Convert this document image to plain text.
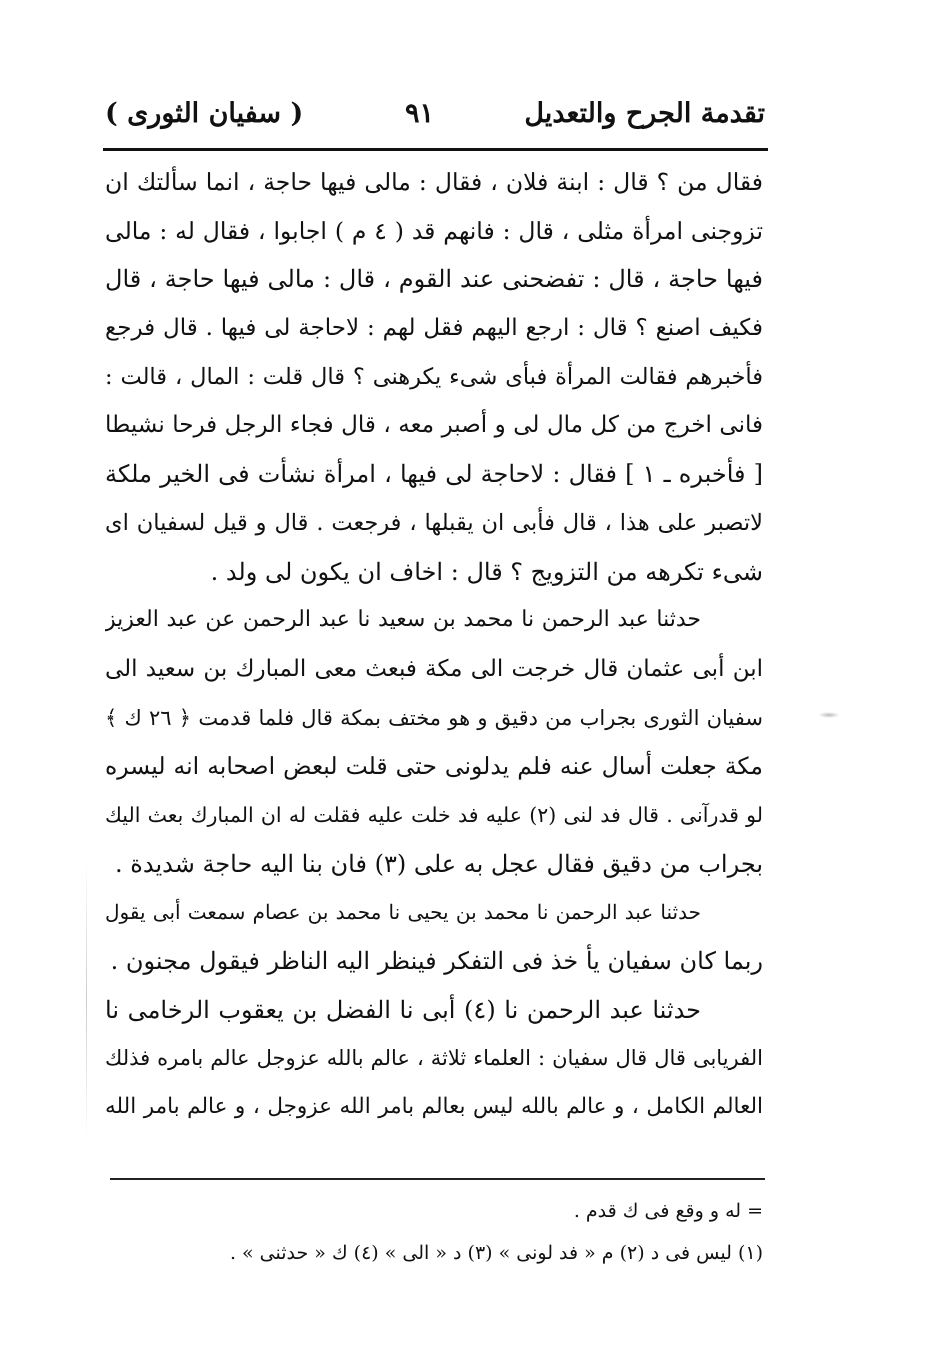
تقدمة الجرح والتعديل
٩١
( سفيان الثورى )
فقال من ؟ قال : ابنة فلان ، فقال : مالى فيها حاجة ، انما سألتك ان
تزوجنى امرأة مثلى ، قال : فانهم قد ( ٤ م ) اجابوا ، فقال له : مالى
فيها حاجة ، قال : تفضحنى عند القوم ، قال : مالى فيها حاجة ، قال
فكيف اصنع ؟ قال : ارجع اليهم فقل لهم : لاحاجة لى فيها . قال فرجع
فأخبرهم فقالت المرأة فبأى شىء يكرهنى ؟ قال قلت : المال ، قالت :
فانى اخرج من كل مال لى و أصبر معه ، قال فجاء الرجل فرحا نشيطا
[ فأخبره ـ ١ ] فقال : لاحاجة لى فيها ، امرأة نشأت فى الخير ملكة
لاتصبر على هذا ، قال فأبى ان يقبلها ، فرجعت . قال و قيل لسفيان اى
شىء تكرهه من التزويج ؟ قال : اخاف ان يكون لى ولد .
حدثنا عبد الرحمن نا محمد بن سعيد نا عبد الرحمن عن عبد العزيز
ابن أبى عثمان قال خرجت الى مكة فبعث معى المبارك بن سعيد الى
سفيان الثورى بجراب من دقيق و هو مختف بمكة قال فلما قدمت ﴿ ٢٦ ك ﴾
مكة جعلت أسال عنه فلم يدلونى حتى قلت لبعض اصحابه انه ليسره
لو قدرآنى . قال فد لنى (٢) عليه فد خلت عليه فقلت له ان المبارك بعث اليك
بجراب من دقيق فقال عجل به على (٣) فان بنا اليه حاجة شديدة .
حدثنا عبد الرحمن نا محمد بن يحيى نا محمد بن عصام سمعت أبى يقول
ربما كان سفيان يأ خذ فى التفكر فينظر اليه الناظر فيقول مجنون .
حدثنا عبد الرحمن نا (٤) أبى نا الفضل بن يعقوب الرخامى نا
الفريابى قال قال سفيان : العلماء ثلاثة ، عالم بالله عزوجل عالم بامره فذلك
العالم الكامل ، و عالم بالله ليس بعالم بامر الله عزوجل ، و عالم بامر الله
= له و وقع فى ك قدم .
(١) ليس فى د (٢) م « فد لونى » (٣) د « الى » (٤) ك « حدثنى » .
